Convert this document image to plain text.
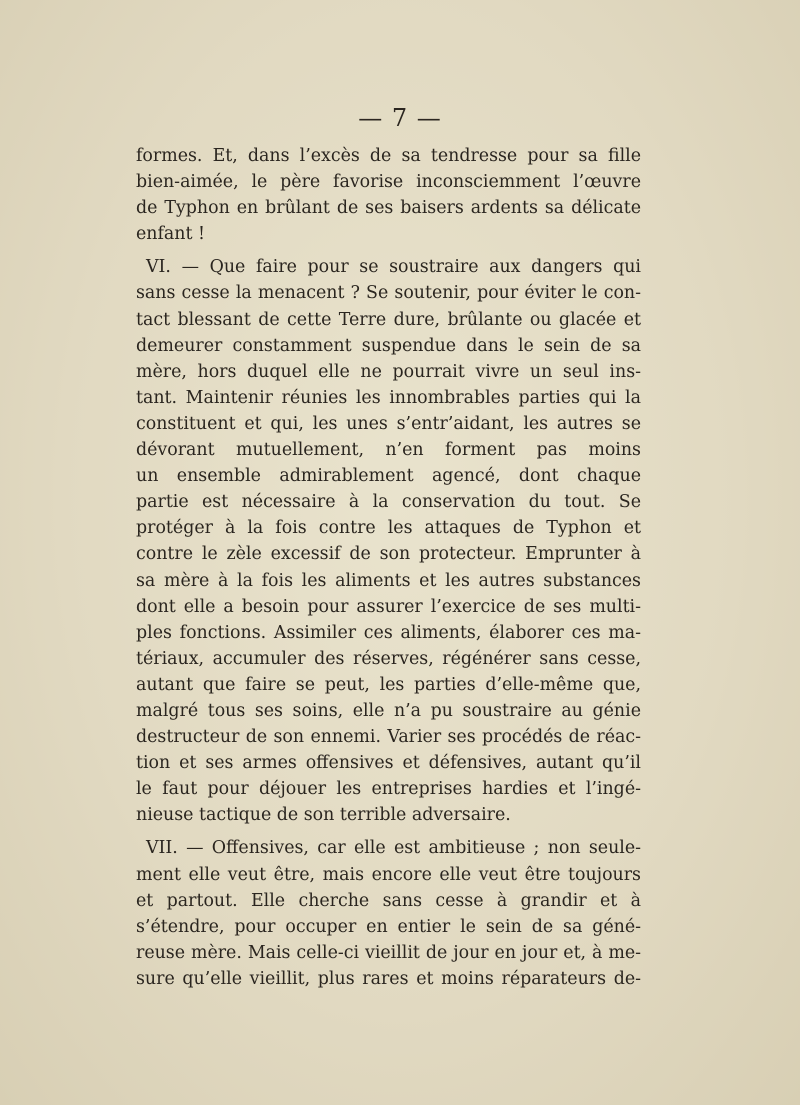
— 7 —
formes. Et, dans l’excès de sa tendresse pour sa fille
bien-aimée, le père favorise inconsciemment l’œuvre
de Typhon en brûlant de ses baisers ardents sa délicate
enfant !
VI. — Que faire pour se soustraire aux dangers qui
sans cesse la menacent ? Se soutenir, pour éviter le con-
tact blessant de cette Terre dure, brûlante ou glacée et
demeurer constamment suspendue dans le sein de sa
mère, hors duquel elle ne pourrait vivre un seul ins-
tant. Maintenir réunies les innombrables parties qui la
constituent et qui, les unes s’entr’aidant, les autres se
dévorant mutuellement, n’en forment pas moins
un ensemble admirablement agencé, dont chaque
partie est nécessaire à la conservation du tout. Se
protéger à la fois contre les attaques de Typhon et
contre le zèle excessif de son protecteur. Emprunter à
sa mère à la fois les aliments et les autres substances
dont elle a besoin pour assurer l’exercice de ses multi-
ples fonctions. Assimiler ces aliments, élaborer ces ma-
tériaux, accumuler des réserves, régénérer sans cesse,
autant que faire se peut, les parties d’elle-même que,
malgré tous ses soins, elle n’a pu soustraire au génie
destructeur de son ennemi. Varier ses procédés de réac-
tion et ses armes offensives et défensives, autant qu’il
le faut pour déjouer les entreprises hardies et l’ingé-
nieuse tactique de son terrible adversaire.
VII. — Offensives, car elle est ambitieuse ; non seule-
ment elle veut être, mais encore elle veut être toujours
et partout. Elle cherche sans cesse à grandir et à
s’étendre, pour occuper en entier le sein de sa géné-
reuse mère. Mais celle-ci vieillit de jour en jour et, à me-
sure qu’elle vieillit, plus rares et moins réparateurs de-
